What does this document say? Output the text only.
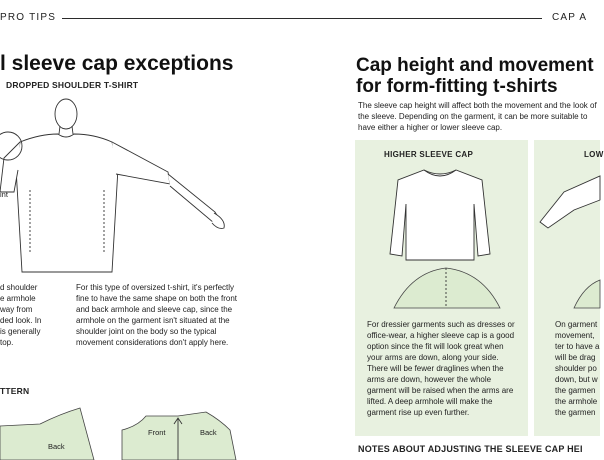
PRO TIPS	CAP A
l sleeve cap exceptions
DROPPED SHOULDER T-SHIRT
int
d shoulder
e armhole
way from
ded look. In
is generally
top.
For this type of oversized t-shirt, it's perfectly fine to have the same shape on both the front and back armhole and sleeve cap, since the armhole on the garment isn't situated at the shoulder joint on the body so the typical movement considerations don't apply here.
TTERN
Back
Front	Back
Cap height and movement
for form-fitting t-shirts
The sleeve cap height will affect both the movement and the look of the sleeve. Depending on the garment, it can be more suitable to have either a higher or lower sleeve cap.
HIGHER SLEEVE CAP
For dressier garments such as dresses or office-wear, a higher sleeve cap is a good option since the fit will look great when your arms are down, along your side. There will be fewer draglines when the arms are down, however the whole garment will be raised when the arms are lifted. A deep armhole will make the garment rise up even further.
LOW
On garment
movement,
ter to have a
will be drag
shoulder po
down, but w
the garmen
the armhole
the garmen
NOTES ABOUT ADJUSTING THE SLEEVE CAP HEI
